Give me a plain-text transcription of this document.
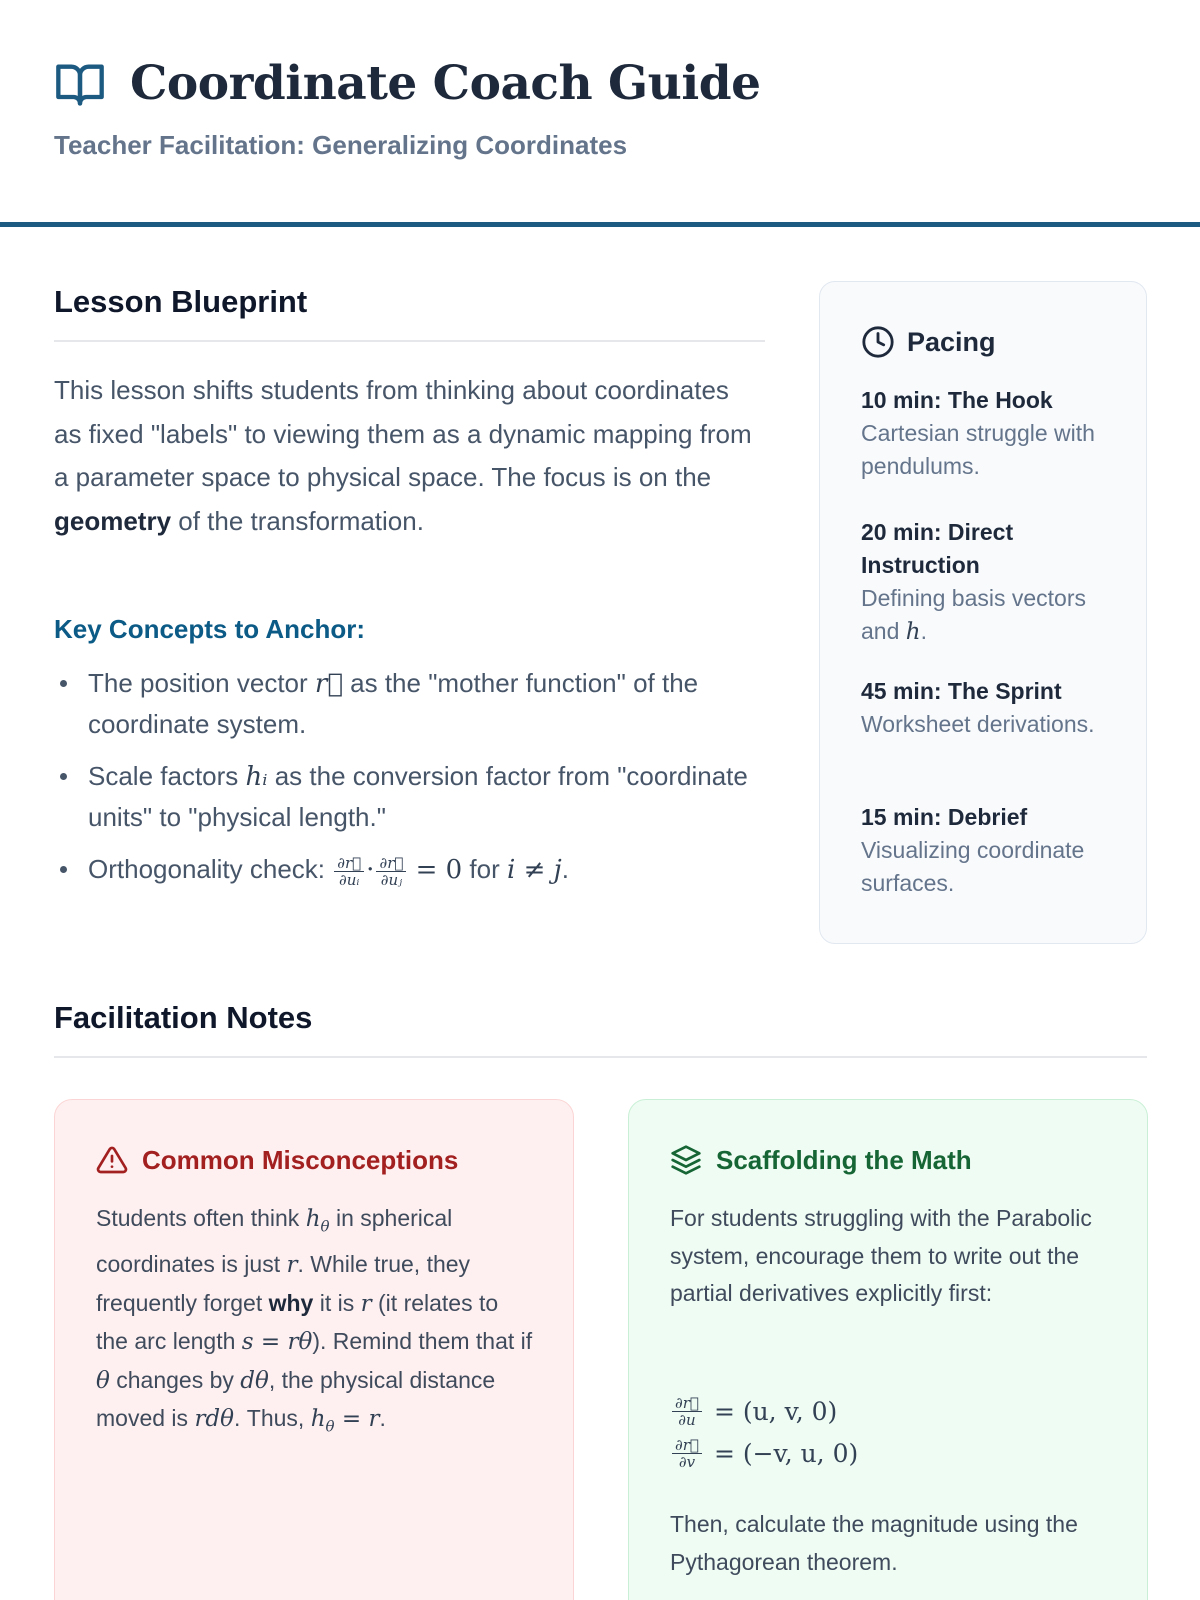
Coordinate Coach Guide
Teacher Facilitation: Generalizing Coordinates
Lesson Blueprint

This lesson shifts students from thinking about coordinates as fixed "labels" to viewing them as a dynamic mapping from a parameter space to physical space. The focus is on the geometry of the transformation.

Key Concepts to Anchor:
The position vector r⃗ as the "mother function" of the coordinate system.
Scale factors hᵢ as the conversion factor from "coordinate units" to "physical length."
Orthogonality check: $\frac{\partial r⃗}{\text{∂uᵢ}} \cdot \frac{\partial r⃗}{\text{∂uⱼ}} = 0$ for i ≠ j.
Pacing
10 min: The Hook
Cartesian struggle with pendulums.
20 min: Direct Instruction
Defining basis vectors and h.
45 min: The Sprint
Worksheet derivations.
15 min: Debrief
Visualizing coordinate surfaces.
Facilitation Notes
Common Misconceptions

Students often think $h_\theta$ in spherical coordinates is just r. While true, they frequently forget why it is r (it relates to the arc length s = rθ). Remind them that if θ changes by dθ, the physical distance moved is rdθ. Thus, $h_\theta = r$.

Scaffolding the Math

For students struggling with the Parabolic system, encourage them to write out the partial derivatives explicitly first:

$\frac{\partial r⃗}{\partial u} = (u$, v, 0)
$\frac{\partial r⃗}{\partial v} = (-v$, u, 0)

Then, calculate the magnitude using the Pythagorean theorem.
